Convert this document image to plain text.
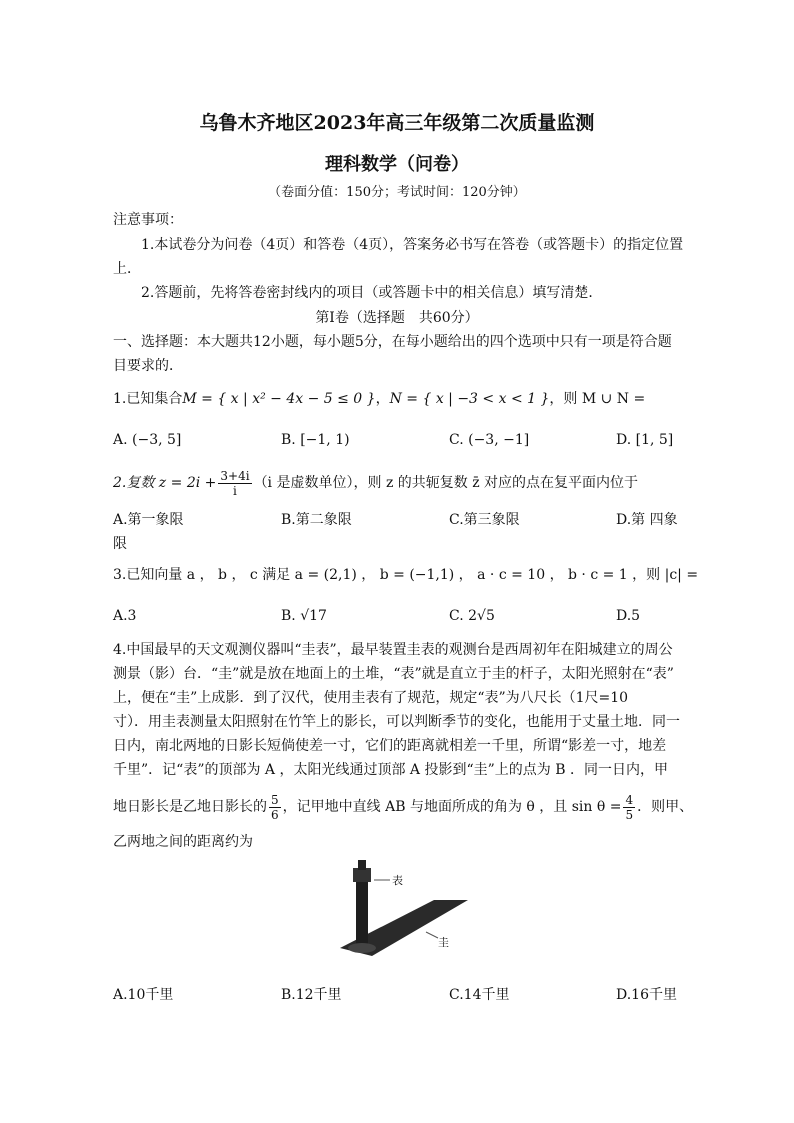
乌鲁木齐地区2023年高三年级第二次质量监测
理科数学（问卷）
（卷面分值：150分；考试时间：120分钟）
注意事项：
1.本试卷分为问卷（4页）和答卷（4页），答案务必书写在答卷（或答题卡）的指定位置
上．
2.答题前，先将答卷密封线内的项目（或答题卡中的相关信息）填写清楚．
第Ⅰ卷（选择题　共60分）
一、选择题：本大题共12小题，每小题5分，在每小题给出的四个选项中只有一项是符合题
目要求的．
1.已知集合M = { x | x² − 4x − 5 ≤ 0 }，N = { x | −3 < x < 1 }，则 M ∪ N =
A. (−3, 5]	B. [−1, 1)	C. (−3, −1]	D. [1, 5]
2.复数 $z = 2i + \frac{3+4i}{i} (i$ 是虚数单位），则 z 的共轭复数 z̄ 对应的点在复平面内位于
A.第一象限	B.第二象限	C.第三象限	D.第 四象
限
3.已知向量 a ， b ， c 满足 a = (2,1) ， b = (−1,1) ， a · c = 10 ， b · c = 1 ，则 |c| =
A.3	B. √17	C. 2√5	D.5
4.中国最早的天文观测仪器叫“圭表”，最早装置圭表的观测台是西周初年在阳城建立的周公
测景（影）台．“圭”就是放在地面上的土堆，“表”就是直立于圭的杆子，太阳光照射在“表”
上，便在“圭”上成影．到了汉代，使用圭表有了规范，规定“表”为八尺长（1尺=10
寸）．用圭表测量太阳照射在竹竿上的影长，可以判断季节的变化，也能用于丈量土地．同一
日内，南北两地的日影长短倘使差一寸，它们的距离就相差一千里，所谓“影差一寸，地差
千里”．记“表”的顶部为 A ，太阳光线通过顶部 A 投影到“圭”上的点为 B ．同一日内，甲
地日影长是乙地日影长的 $\frac{5}{6}$ ，记甲地中直线 AB 与地面所成的角为 θ ，且 $\sin \theta = \frac{4}{5}$ ．则甲、
乙两地之间的距离约为
表
圭
A.10千里	B.12千里	C.14千里	D.16千里
